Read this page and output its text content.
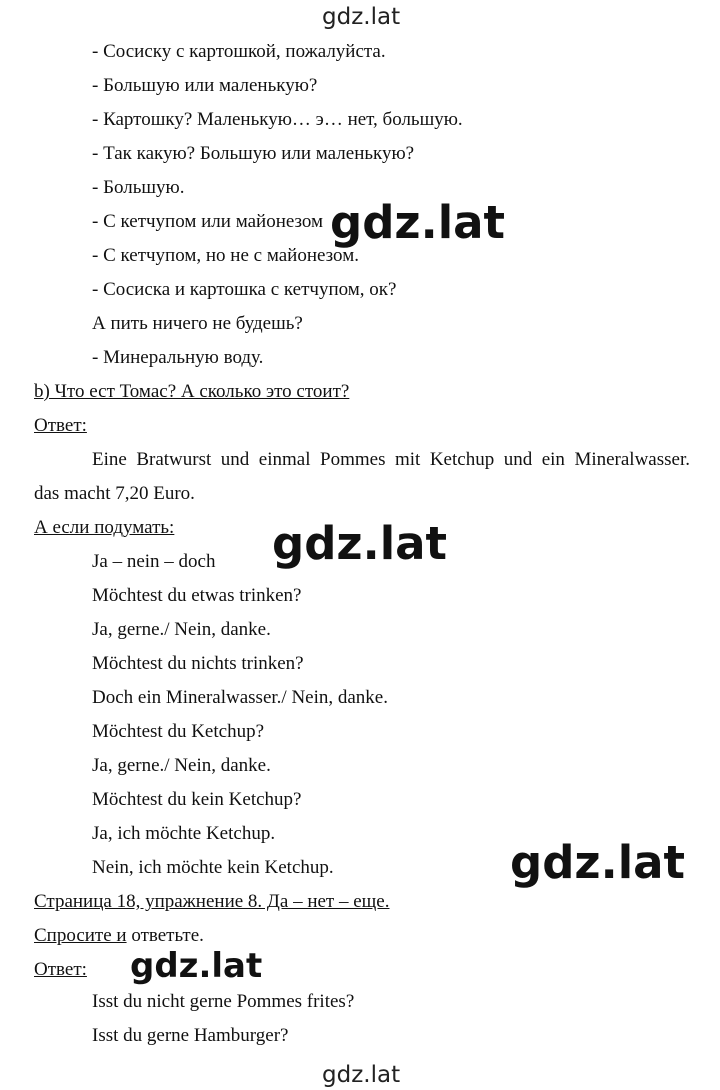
gdz.lat
- Сосиску с картошкой, пожалуйста.
- Большую или маленькую?
- Картошку? Маленькую… э… нет, большую.
- Так какую? Большую или маленькую?
- Большую.
- С кетчупом или майонезом
- С кетчупом, но не с майонезом.
- Сосиска и картошка с кетчупом, ок?
А пить ничего не будешь?
- Минеральную воду.
gdz.lat
b) Что ест Томас? А сколько это стоит?
Ответ:
Eine Bratwurst und einmal Pommes mit Ketchup und ein Mineralwasser.
das macht 7,20 Euro.
А если подумать: gdz.lat
Ja – nein – doch
Möchtest du etwas trinken?
Ja, gerne./ Nein, danke.
Möchtest du nichts trinken?
Doch ein Mineralwasser./ Nein, danke.
Möchtest du Ketchup?
Ja, gerne./ Nein, danke.
Möchtest du kein Ketchup?
Ja, ich möchte Ketchup.
Nein, ich möchte kein Ketchup.	gdz.lat
Страница 18, упражнение 8. Да – нет – еще.
Спросите и ответьте.
Ответ: gdz.lat
Isst du nicht gerne Pommes frites?
Isst du gerne Hamburger?
gdz.lat
